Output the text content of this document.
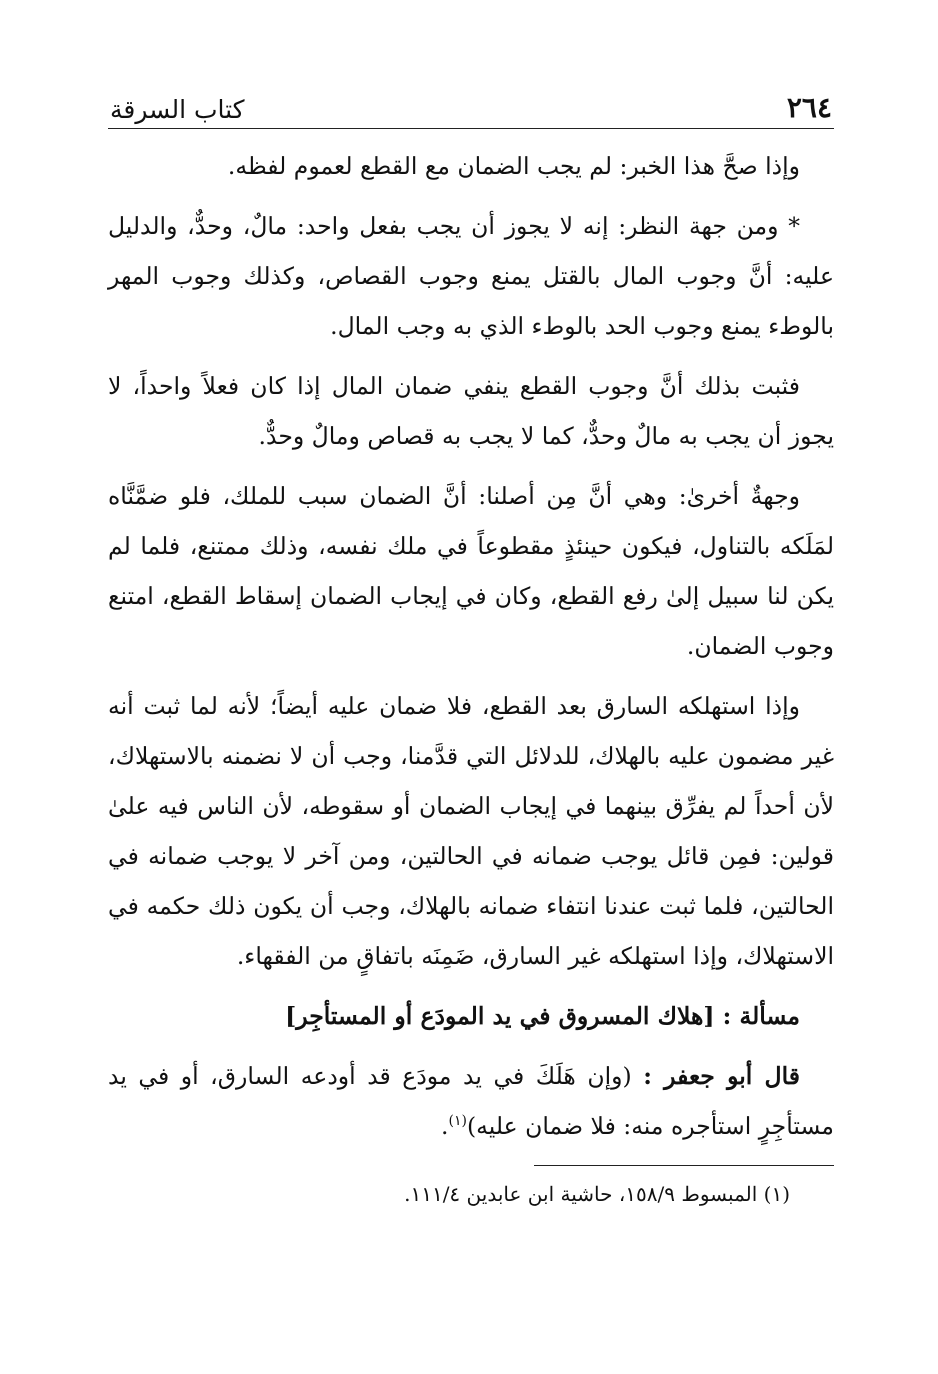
٢٦٤
كتاب السرقة

وإذا صحَّ هذا الخبر: لم يجب الضمان مع القطع لعموم لفظه.

* ومن جهة النظر: إنه لا يجوز أن يجب بفعل واحد: مالٌ، وحدٌّ، والدليل عليه: أنَّ وجوب المال بالقتل يمنع وجوب القصاص، وكذلك وجوب المهر بالوطء يمنع وجوب الحد بالوطء الذي به وجب المال.

فثبت بذلك أنَّ وجوب القطع ينفي ضمان المال إذا كان فعلاً واحداً، لا يجوز أن يجب به مالٌ وحدٌّ، كما لا يجب به قصاص ومالٌ وحدٌّ.

وجهةٌ أخرىٰ: وهي أنَّ مِن أصلنا: أنَّ الضمان سبب للملك، فلو ضمَّنَّاه لمَلَكه بالتناول، فيكون حينئذٍ مقطوعاً في ملك نفسه، وذلك ممتنع، فلما لم يكن لنا سبيل إلىٰ رفع القطع، وكان في إيجاب الضمان إسقاط القطع، امتنع وجوب الضمان.

وإذا استهلكه السارق بعد القطع، فلا ضمان عليه أيضاً؛ لأنه لما ثبت أنه غير مضمون عليه بالهلاك، للدلائل التي قدَّمنا، وجب أن لا نضمنه بالاستهلاك، لأن أحداً لم يفرِّق بينهما في إيجاب الضمان أو سقوطه، لأن الناس فيه علىٰ قولين: فمِن قائل يوجب ضمانه في الحالتين، ومن آخر لا يوجب ضمانه في الحالتين، فلما ثبت عندنا انتفاء ضمانه بالهلاك، وجب أن يكون ذلك حكمه في الاستهلاك، وإذا استهلكه غير السارق، ضَمِنَه باتفاقٍ من الفقهاء.

مسألة : [هلاك المسروق في يد المودَع أو المستأجِر]

قال أبو جعفر : (وإن هَلَكَ في يد مودَع قد أودعه السارق، أو في يد مستأجِرٍ استأجره منه: فلا ضمان عليه)$^{(١)}$.

(١) المبسوط ١٥٨/٩، حاشية ابن عابدين ١١١/٤.
